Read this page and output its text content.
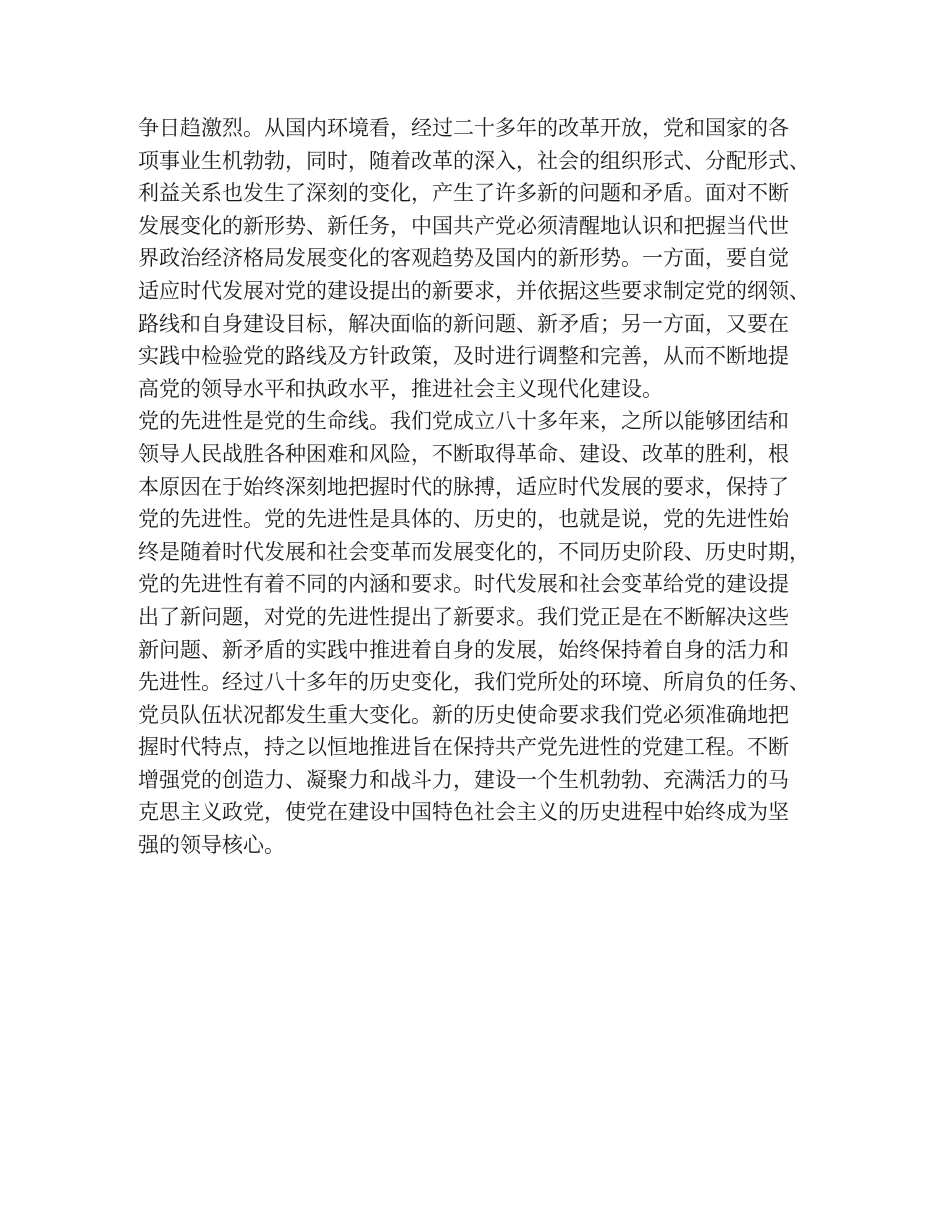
争日趋激烈。从国内环境看，经过二十多年的改革开放，党和国家的各
项事业生机勃勃，同时，随着改革的深入，社会的组织形式、分配形式、
利益关系也发生了深刻的变化，产生了许多新的问题和矛盾。面对不断
发展变化的新形势、新任务，中国共产党必须清醒地认识和把握当代世
界政治经济格局发展变化的客观趋势及国内的新形势。一方面，要自觉
适应时代发展对党的建设提出的新要求，并依据这些要求制定党的纲领、
路线和自身建设目标，解决面临的新问题、新矛盾；另一方面，又要在
实践中检验党的路线及方针政策，及时进行调整和完善，从而不断地提
高党的领导水平和执政水平，推进社会主义现代化建设。

党的先进性是党的生命线。我们党成立八十多年来，之所以能够团结和
领导人民战胜各种困难和风险，不断取得革命、建设、改革的胜利，根
本原因在于始终深刻地把握时代的脉搏，适应时代发展的要求，保持了
党的先进性。党的先进性是具体的、历史的，也就是说，党的先进性始
终是随着时代发展和社会变革而发展变化的，不同历史阶段、历史时期，
党的先进性有着不同的内涵和要求。时代发展和社会变革给党的建设提
出了新问题，对党的先进性提出了新要求。我们党正是在不断解决这些
新问题、新矛盾的实践中推进着自身的发展，始终保持着自身的活力和
先进性。经过八十多年的历史变化，我们党所处的环境、所肩负的任务、
党员队伍状况都发生重大变化。新的历史使命要求我们党必须准确地把
握时代特点，持之以恒地推进旨在保持共产党先进性的党建工程。不断
增强党的创造力、凝聚力和战斗力，建设一个生机勃勃、充满活力的马
克思主义政党，使党在建设中国特色社会主义的历史进程中始终成为坚
强的领导核心。
